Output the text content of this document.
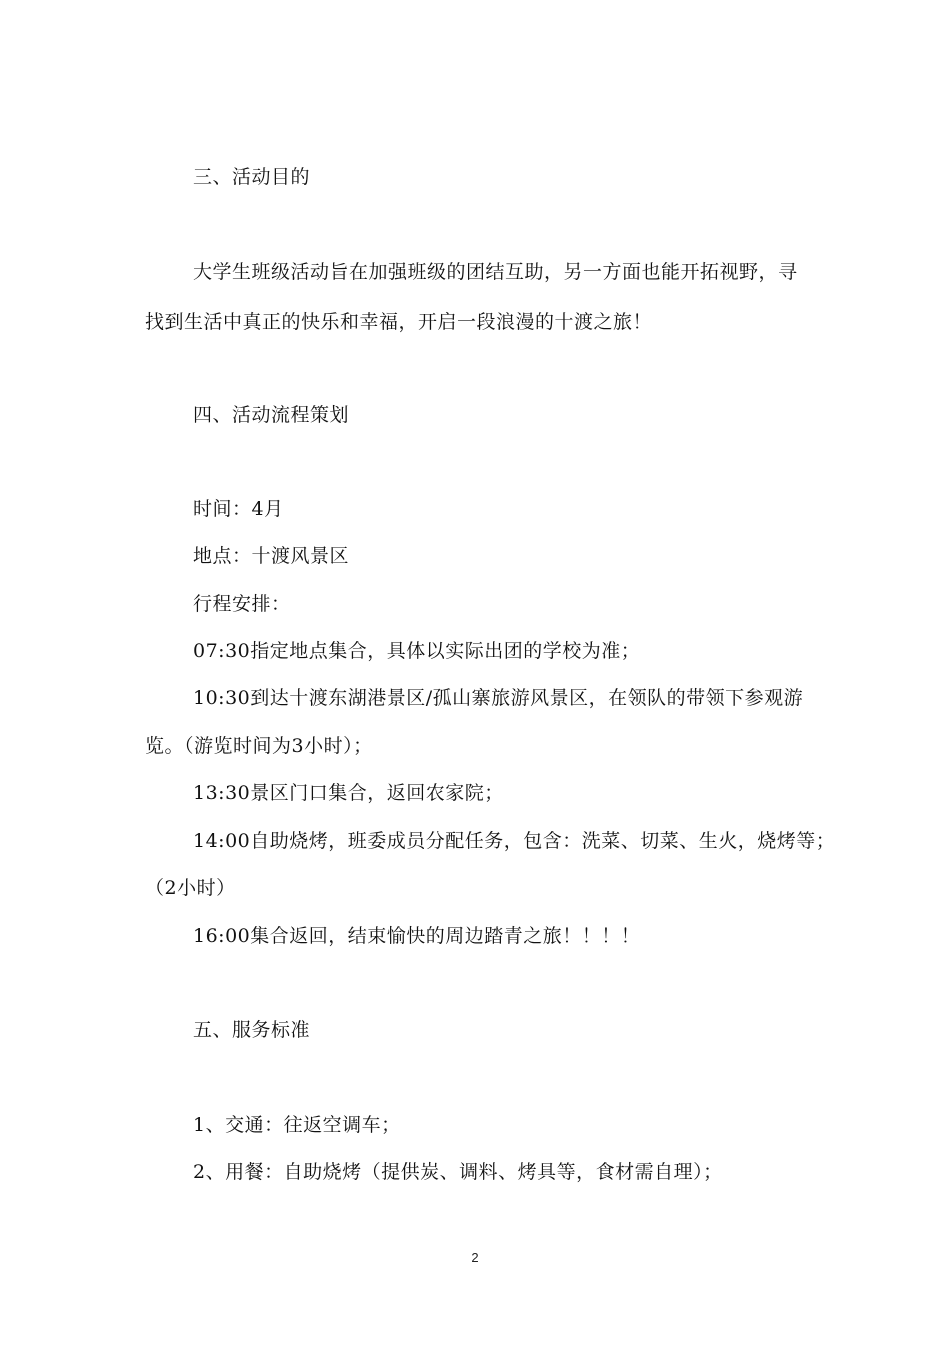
三、活动目的
大学生班级活动旨在加强班级的团结互助，另一方面也能开拓视野，寻
找到生活中真正的快乐和幸福，开启一段浪漫的十渡之旅！
四、活动流程策划
时间：4月
地点：十渡风景区
行程安排：
07:30指定地点集合，具体以实际出团的学校为准；
10:30到达十渡东湖港景区/孤山寨旅游风景区，在领队的带领下参观游
览。（游览时间为3小时）；
13:30景区门口集合，返回农家院；
14:00自助烧烤，班委成员分配任务，包含：洗菜、切菜、生火，烧烤等；
（2小时）
16:00集合返回，结束愉快的周边踏青之旅！！！！
五、服务标准
1、交通：往返空调车；
2、用餐：自助烧烤（提供炭、调料、烤具等，食材需自理）；
2
